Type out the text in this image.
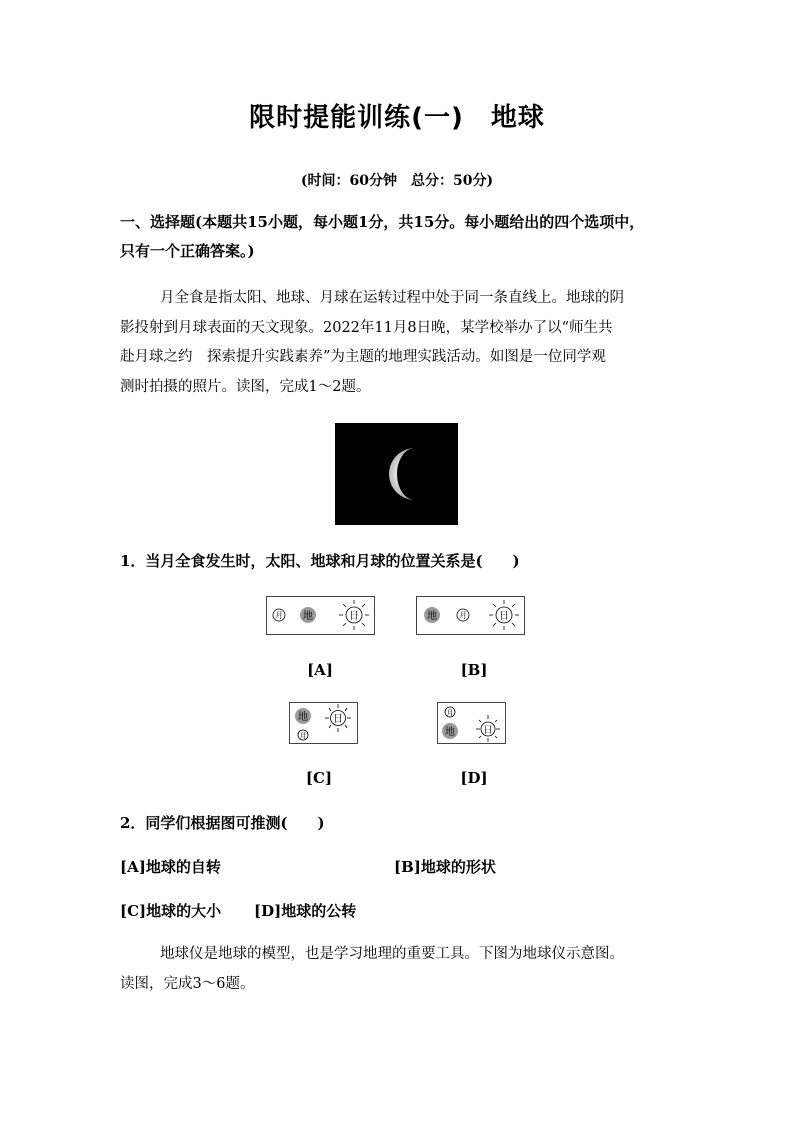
限时提能训练(一)　地球
(时间：60分钟　总分：50分)
一、选择题(本题共15小题，每小题1分，共15分。每小题给出的四个选项中，
只有一个正确答案。)
月全食是指太阳、地球、月球在运转过程中处于同一条直线上。地球的阴
影投射到月球表面的天文现象。2022年11月8日晚，某学校举办了以“师生共
赴月球之约　探索提升实践素养”为主题的地理实践活动。如图是一位同学观
测时拍摄的照片。读图，完成1～2题。
1．当月全食发生时，太阳、地球和月球的位置关系是(　　)
月 地	日	地	月	日
[A]	[B]
地
月
日
月
地	日
[C]	[D]
2．同学们根据图可推测(　　)
[A]地球的自转	[B]地球的形状
[C]地球的大小 [D]地球的公转
地球仪是地球的模型，也是学习地理的重要工具。下图为地球仪示意图。
读图，完成3～6题。
